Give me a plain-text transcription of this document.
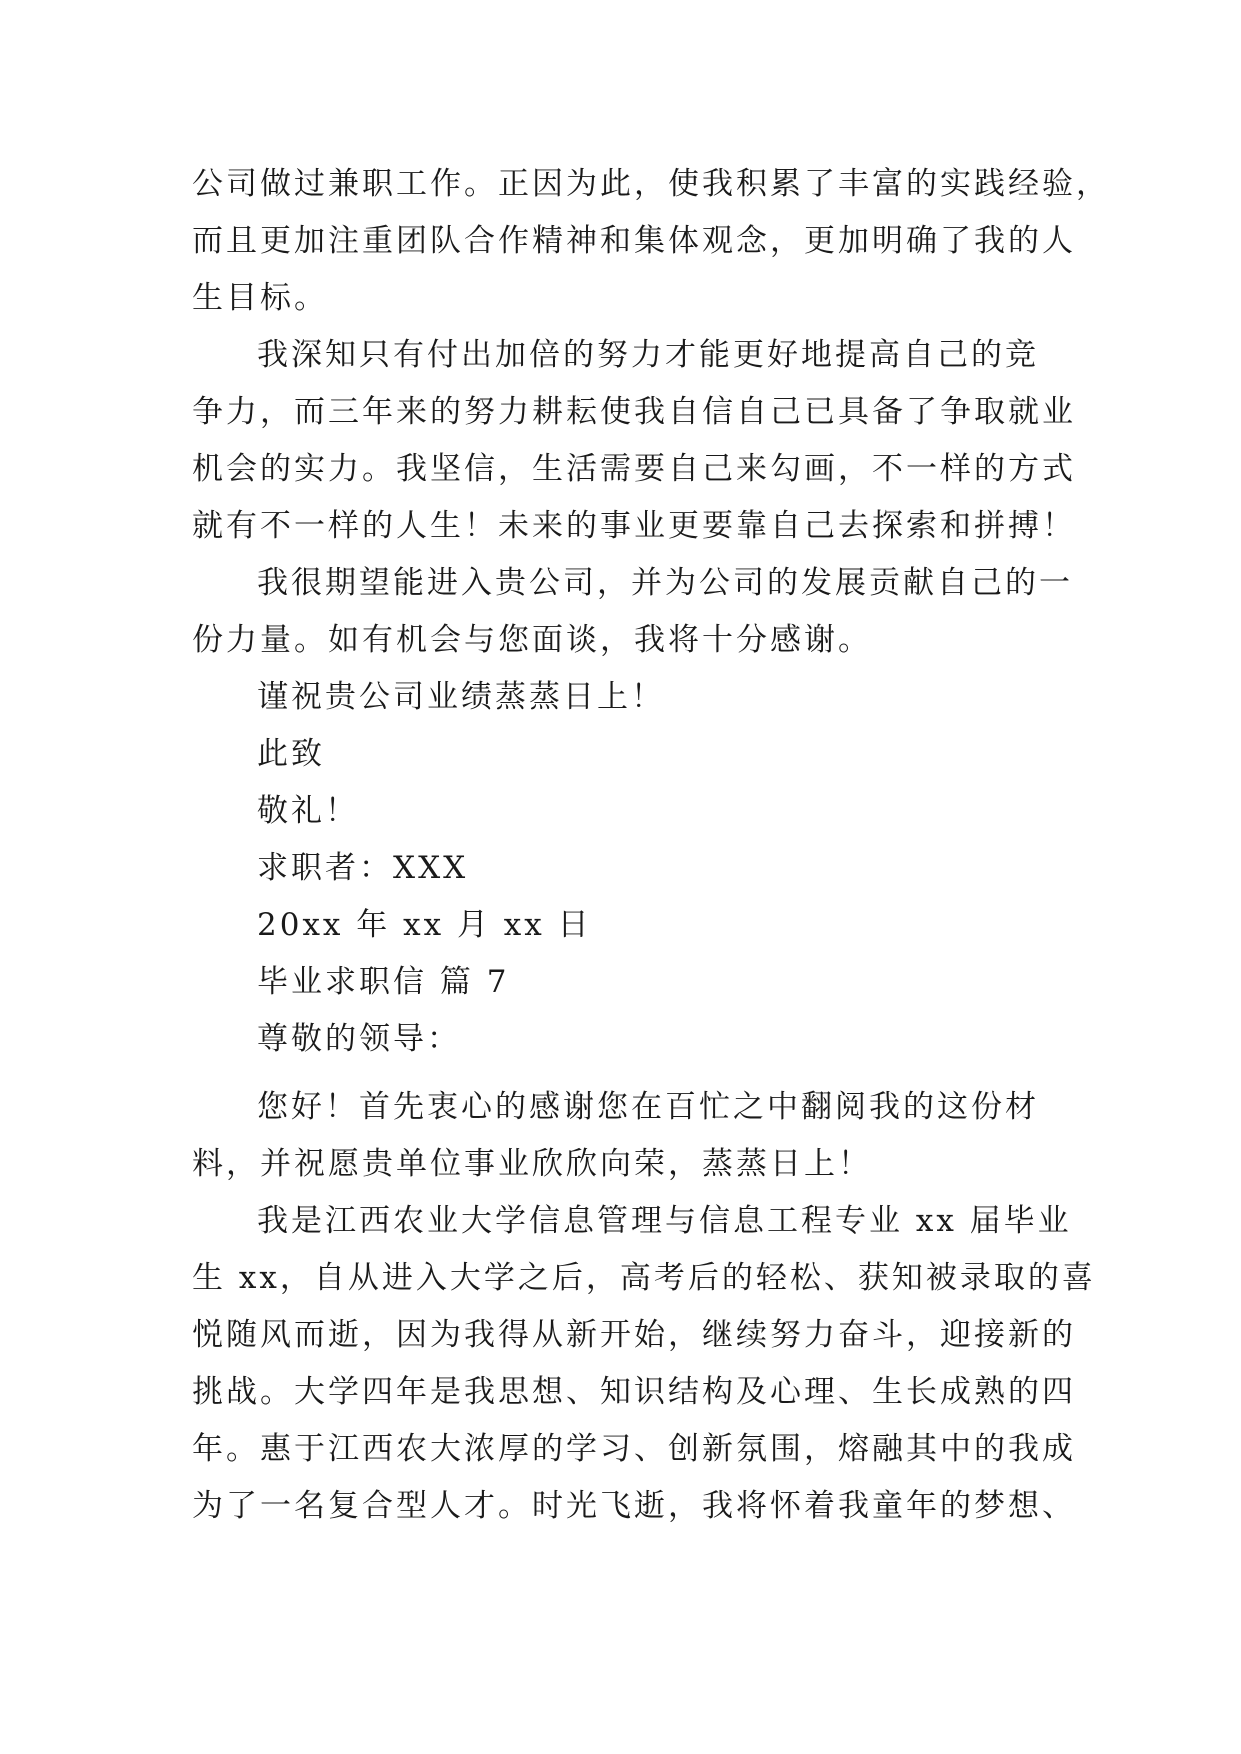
公司做过兼职工作。正因为此，使我积累了丰富的实践经验，
而且更加注重团队合作精神和集体观念，更加明确了我的人
生目标。
我深知只有付出加倍的努力才能更好地提高自己的竞
争力，而三年来的努力耕耘使我自信自己已具备了争取就业
机会的实力。我坚信，生活需要自己来勾画，不一样的方式
就有不一样的人生！未来的事业更要靠自己去探索和拼搏！
我很期望能进入贵公司，并为公司的发展贡献自己的一
份力量。如有机会与您面谈，我将十分感谢。
谨祝贵公司业绩蒸蒸日上！
此致
敬礼！
求职者：XXX
20xx 年 xx 月 xx 日
毕业求职信 篇 7
尊敬的领导：
您好！首先衷心的感谢您在百忙之中翻阅我的这份材
料，并祝愿贵单位事业欣欣向荣，蒸蒸日上！
我是江西农业大学信息管理与信息工程专业 xx 届毕业
生 xx，自从进入大学之后，高考后的轻松、获知被录取的喜
悦随风而逝，因为我得从新开始，继续努力奋斗，迎接新的
挑战。大学四年是我思想、知识结构及心理、生长成熟的四
年。惠于江西农大浓厚的学习、创新氛围，熔融其中的我成
为了一名复合型人才。时光飞逝，我将怀着我童年的梦想、
